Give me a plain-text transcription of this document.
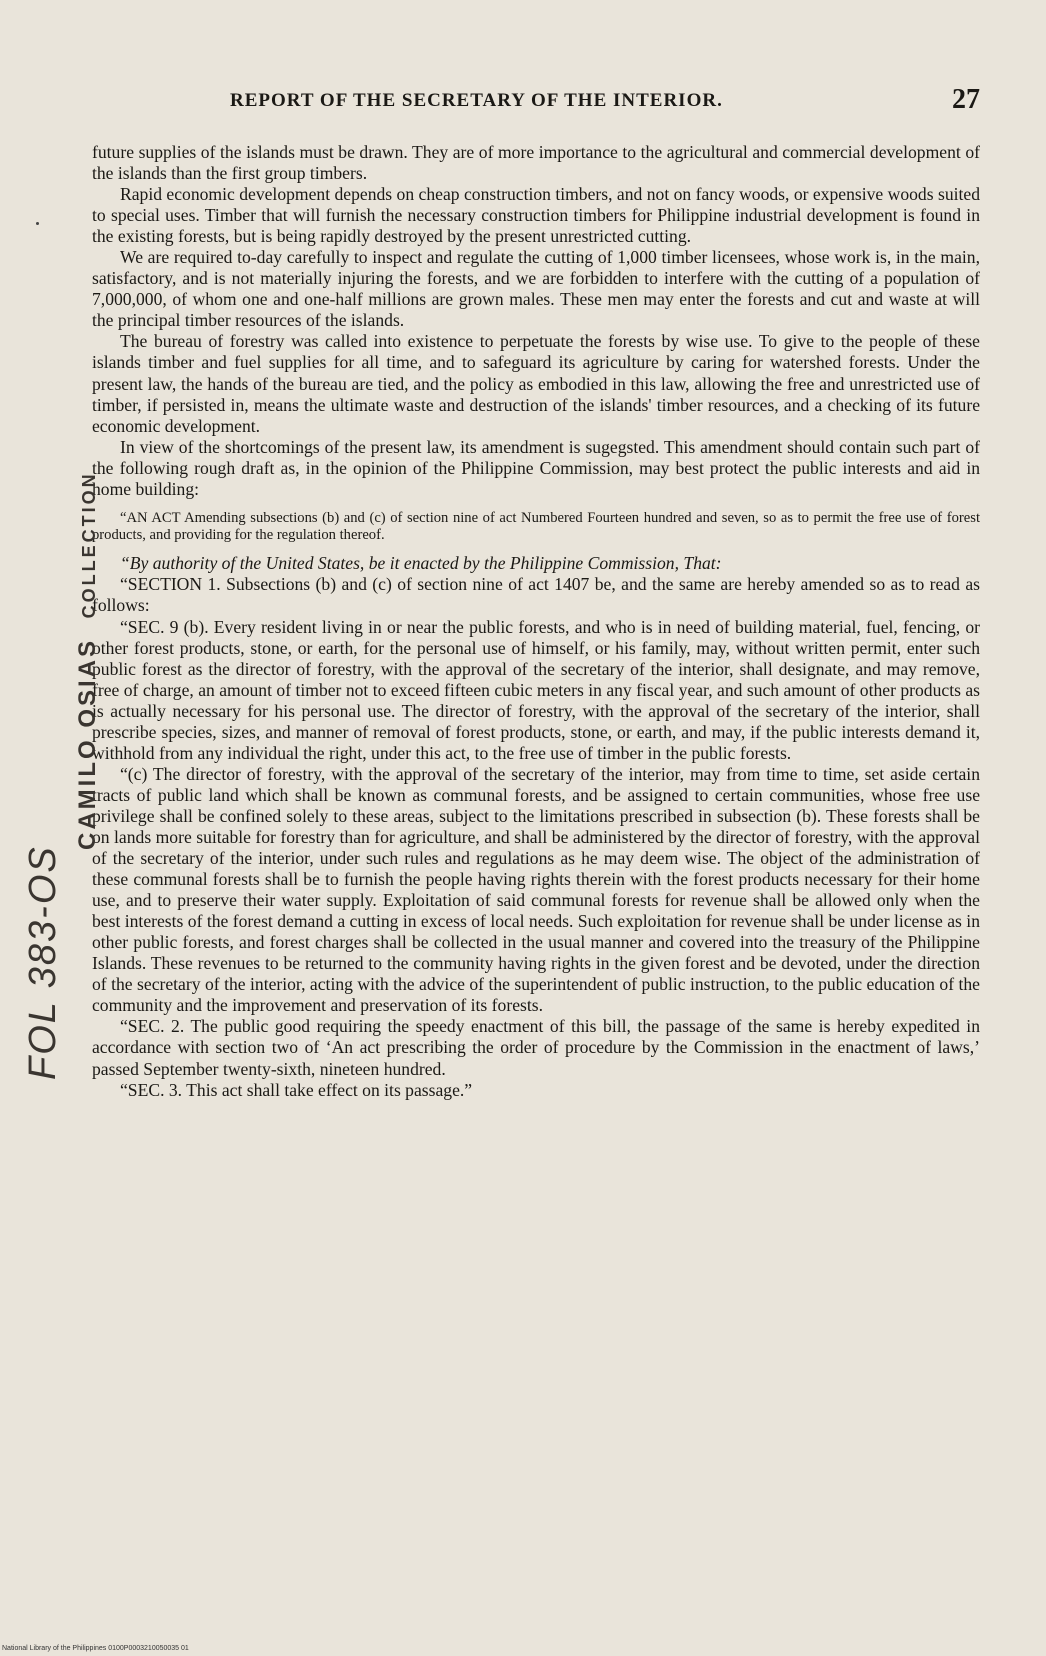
REPORT OF THE SECRETARY OF THE INTERIOR.	27

future supplies of the islands must be drawn. They are of more importance to the agricultural and commercial development of the islands than the first group timbers.

Rapid economic development depends on cheap construction timbers, and not on fancy woods, or expensive woods suited to special uses. Timber that will furnish the necessary construction timbers for Philippine industrial development is found in the existing forests, but is being rapidly destroyed by the present unrestricted cutting.

We are required to-day carefully to inspect and regulate the cutting of 1,000 timber licensees, whose work is, in the main, satisfactory, and is not materially injuring the forests, and we are forbidden to interfere with the cutting of a population of 7,000,000, of whom one and one-half millions are grown males. These men may enter the forests and cut and waste at will the principal timber resources of the islands.

The bureau of forestry was called into existence to perpetuate the forests by wise use. To give to the people of these islands timber and fuel supplies for all time, and to safeguard its agriculture by caring for watershed forests. Under the present law, the hands of the bureau are tied, and the policy as embodied in this law, allowing the free and unrestricted use of timber, if persisted in, means the ultimate waste and destruction of the islands' timber resources, and a checking of its future economic development.

In view of the shortcomings of the present law, its amendment is sugegsted. This amendment should contain such part of the following rough draft as, in the opinion of the Philippine Commission, may best protect the public interests and aid in home building:

“AN ACT Amending subsections (b) and (c) of section nine of act Numbered Fourteen hundred and seven, so as to permit the free use of forest products, and providing for the regulation thereof.

“By authority of the United States, be it enacted by the Philippine Commission, That:

“SECTION 1. Subsections (b) and (c) of section nine of act 1407 be, and the same are hereby amended so as to read as follows:

“SEC. 9 (b). Every resident living in or near the public forests, and who is in need of building material, fuel, fencing, or other forest products, stone, or earth, for the personal use of himself, or his family, may, without written permit, enter such public forest as the director of forestry, with the approval of the secretary of the interior, shall designate, and may remove, free of charge, an amount of timber not to exceed fifteen cubic meters in any fiscal year, and such amount of other products as is actually necessary for his personal use. The director of forestry, with the approval of the secretary of the interior, shall prescribe species, sizes, and manner of removal of forest products, stone, or earth, and may, if the public interests demand it, withhold from any individual the right, under this act, to the free use of timber in the public forests.

“(c) The director of forestry, with the approval of the secretary of the interior, may from time to time, set aside certain tracts of public land which shall be known as communal forests, and be assigned to certain communities, whose free use privilege shall be confined solely to these areas, subject to the limitations prescribed in subsection (b). These forests shall be on lands more suitable for forestry than for agriculture, and shall be administered by the director of forestry, with the approval of the secretary of the interior, under such rules and regulations as he may deem wise. The object of the administration of these communal forests shall be to furnish the people having rights therein with the forest products necessary for their home use, and to preserve their water supply. Exploitation of said communal forests for revenue shall be allowed only when the best interests of the forest demand a cutting in excess of local needs. Such exploitation for revenue shall be under license as in other public forests, and forest charges shall be collected in the usual manner and covered into the treasury of the Philippine Islands. These revenues to be returned to the community having rights in the given forest and be devoted, under the direction of the secretary of the interior, acting with the advice of the superintendent of public instruction, to the public education of the community and the improvement and preservation of its forests.

“SEC. 2. The public good requiring the speedy enactment of this bill, the passage of the same is hereby expedited in accordance with section two of ‘An act prescribing the order of procedure by the Commission in the enactment of laws,’ passed September twenty-sixth, nineteen hundred.

“SEC. 3. This act shall take effect on its passage.”

FOL 383-OS
CAMILO OSIAS COLLECTION
National Library of the Philippines 0100P0003210050035 01
